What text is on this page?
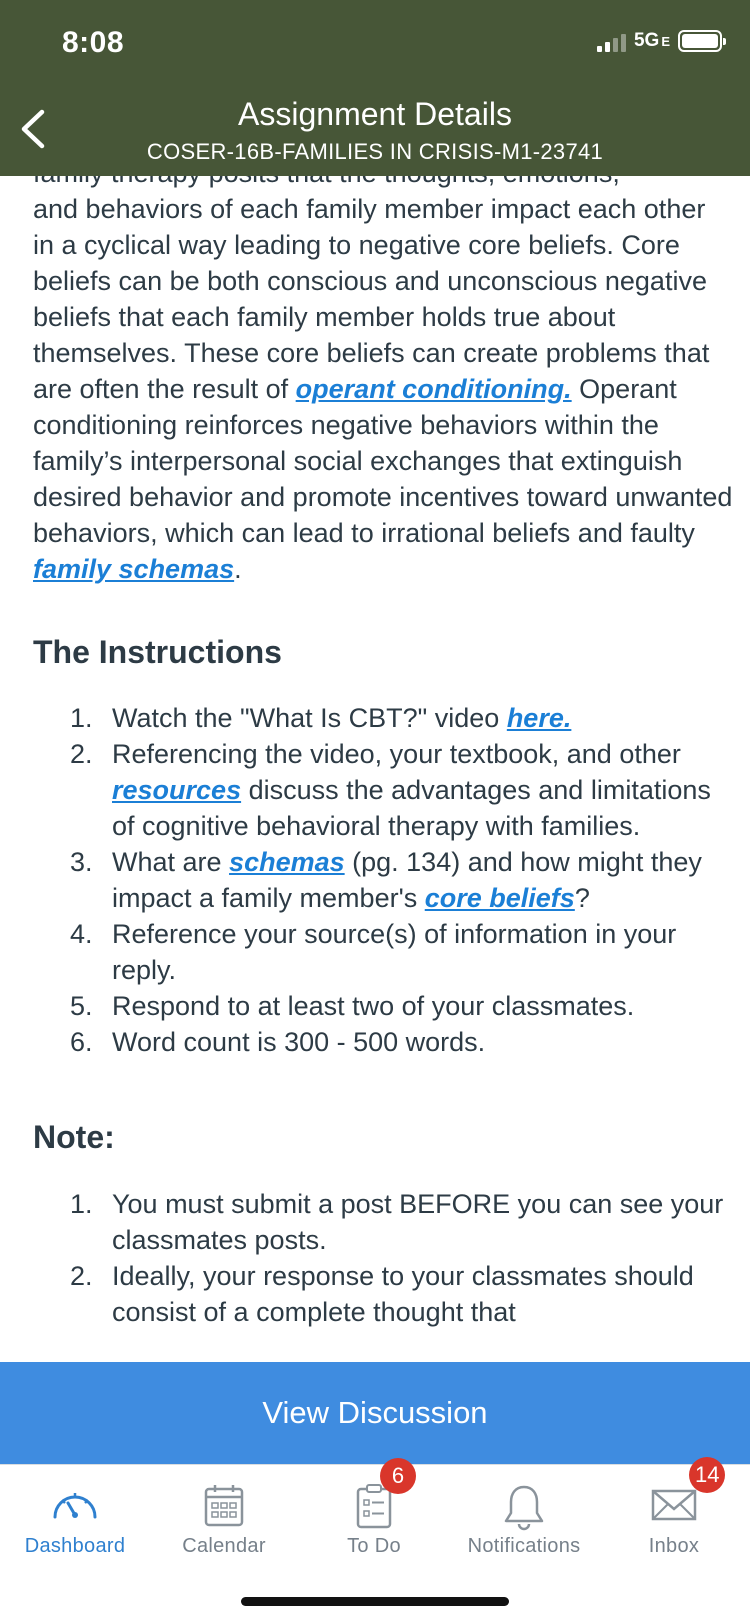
and behaviors of each family member impact each other in a cyclical way leading to negative core beliefs. Core beliefs can be both conscious and unconscious negative beliefs that each family member holds true about themselves. These core beliefs can create problems that are often the result of operant conditioning. Operant conditioning reinforces negative behaviors within the family’s interpersonal social exchanges that extinguish desired behavior and promote incentives toward unwanted behaviors, which can lead to irrational beliefs and faulty family schemas.
The Instructions
1. Watch the "What Is CBT?" video here.
2. Referencing the video, your textbook, and other resources discuss the advantages and limitations of cognitive behavioral therapy with families.
3. What are schemas (pg. 134) and how might they impact a family member's core beliefs?
4. Reference your source(s) of information in your reply.
5. Respond to at least two of your classmates.
6. Word count is 300 - 500 words.
Note:
1. You must submit a post BEFORE you can see your classmates posts.
2. Ideally, your response to your classmates should consist of a complete thought that
8:08	5G E
Assignment Details
COSER-16B-FAMILIES IN CRISIS-M1-23741
View Discussion
Dashboard	Calendar
6
To Do	Notifications
14
Inbox
